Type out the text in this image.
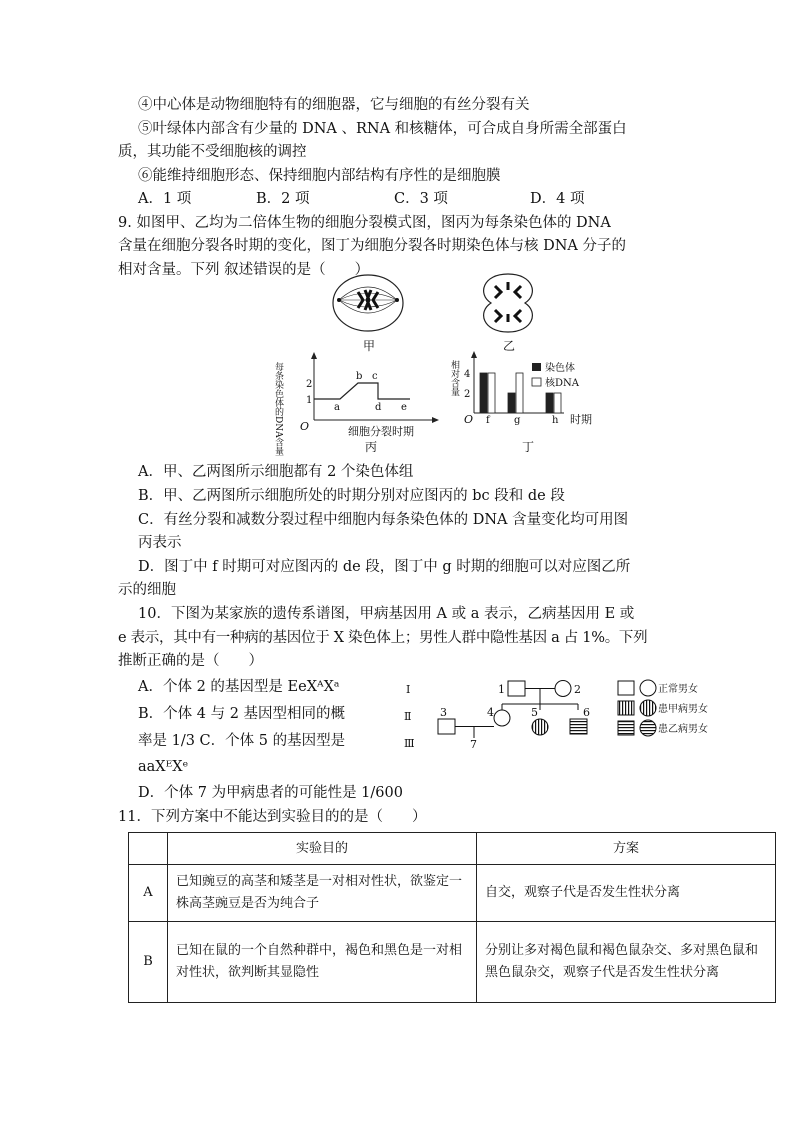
④中心体是动物细胞特有的细胞器，它与细胞的有丝分裂有关
⑤叶绿体内部含有少量的 DNA 、RNA 和核糖体，可合成自身所需全部蛋白
质，其功能不受细胞核的调控
⑥能维持细胞形态、保持细胞内部结构有序性的是细胞膜
A．1 项	B．2 项	C．3 项	D．4 项
9. 如图甲、乙均为二倍体生物的细胞分裂模式图，图丙为每条染色体的 DNA
含量在细胞分裂各时期的变化，图丁为细胞分裂各时期染色体与核 DNA 分子的
相对含量。下列 叙述错误的是（　　）
甲	乙
每条染色体的DNA含量 O
1
2
a
b c
d e
细胞分裂时期
丙
相对含量
O
2
4
f g	h 时期
染色体
核DNA
丁
A．甲、乙两图所示细胞都有 2 个染色体组
B．甲、乙两图所示细胞所处的时期分别对应图丙的 bc 段和 de 段
C．有丝分裂和减数分裂过程中细胞内每条染色体的 DNA 含量变化均可用图
丙表示
D．图丁中 f 时期可对应图丙的 de 段，图丁中 g 时期的细胞可以对应图乙所
示的细胞
10．下图为某家族的遗传系谱图，甲病基因用 A 或 a 表示，乙病基因用 E 或
e 表示，其中有一种病的基因位于 X 染色体上；男性人群中隐性基因 a 占 1%。下列
推断正确的是（　　）
A．个体 2 的基因型是 EeXᴬXᵃ
B．个体 4 与 2 基因型相同的概
率是 1/3 C．个体 5 的基因型是
aaXᴱXᵉ
D．个体 7 为甲病患者的可能性是 1/600
Ⅰ
Ⅱ
Ⅲ
1	2
3	4	5	6
7
正常男女
患甲病男女
患乙病男女
11．下列方案中不能达到实验目的的是（　　）
	实验目的	方案
A	已知豌豆的高茎和矮茎是一对相对性状，欲鉴定一株高茎豌豆是否为纯合子	自交，观察子代是否发生性状分离
B	已知在鼠的一个自然种群中，褐色和黑色是一对相对性状，欲判断其显隐性	分别让多对褐色鼠和褐色鼠杂交、多对黑色鼠和黑色鼠杂交，观察子代是否发生性状分离
